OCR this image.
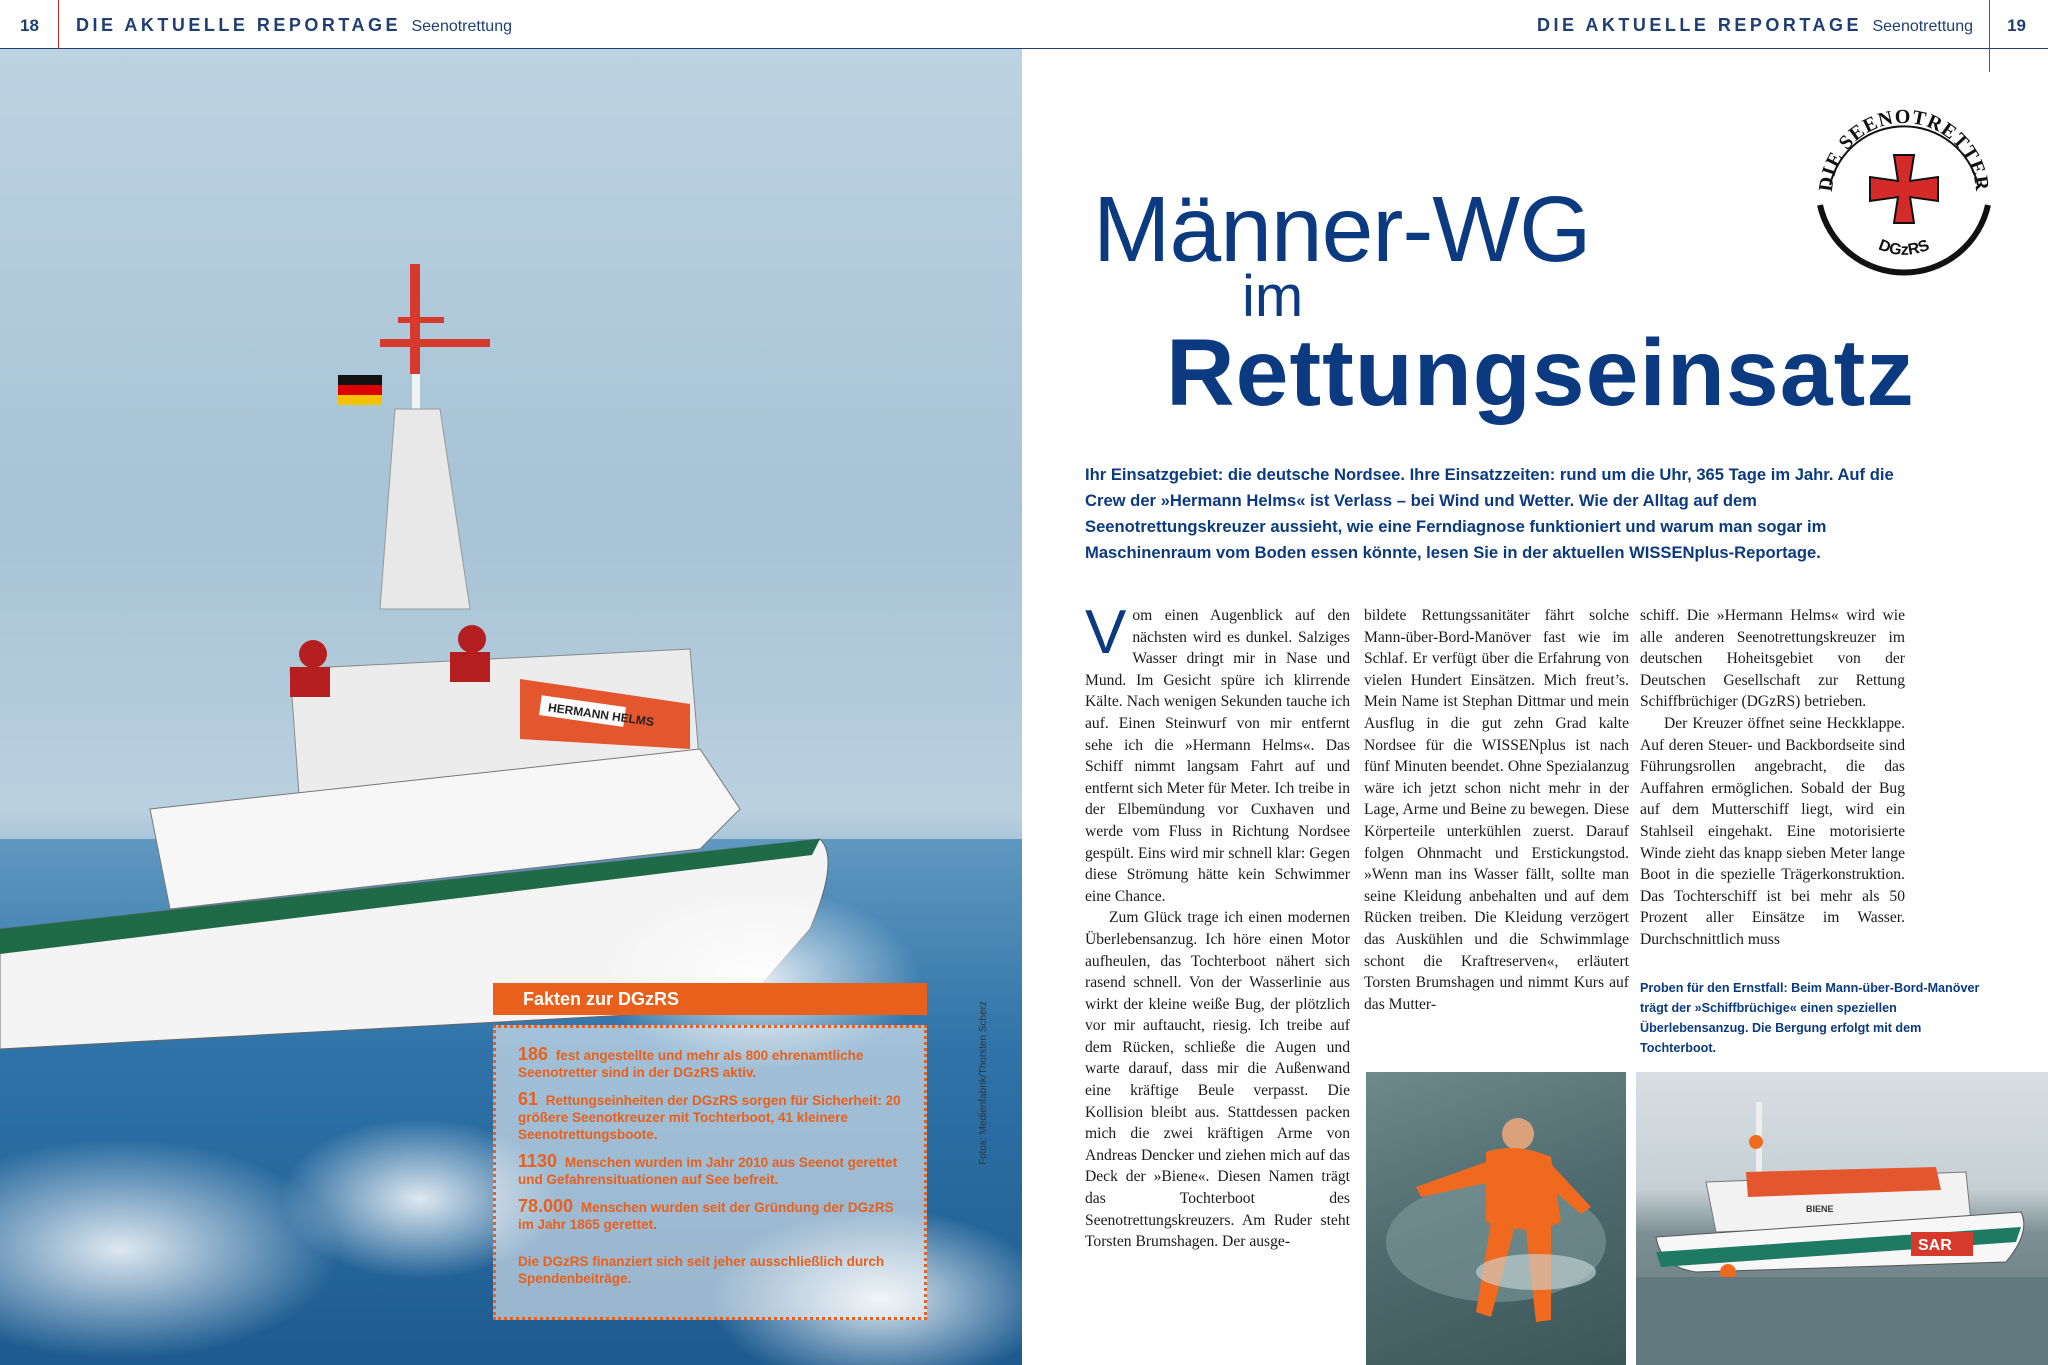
18 DIE AKTUELLE REPORTAGE Seenotrettung	DIE AKTUELLE REPORTAGE Seenotrettung 19
HERMANN HELMS
Fotos: Medienfabrik/Thorsten Scherz
Fakten zur DGzRS
186 fest angestellte und mehr als 800 ehrenamtliche Seenotretter sind in der DGzRS aktiv.
61 Rettungseinheiten der DGzRS sorgen für Sicherheit: 20 größere Seenotkreuzer mit Tochterboot, 41 kleinere Seenotrettungsboote.
1130 Menschen wurden im Jahr 2010 aus Seenot gerettet und Gefahrensituationen auf See befreit.
78.000 Menschen wurden seit der Gründung der DGzRS im Jahr 1865 gerettet.
Die DGzRS finanziert sich seit jeher ausschließlich durch Spendenbeiträge.
DIE SEENOTRETTER
DGzRS
Männer-WG
im
Rettungseinsatz
Ihr Einsatzgebiet: die deutsche Nordsee. Ihre Einsatzzeiten: rund um die Uhr, 365 Tage im Jahr. Auf die Crew der »Hermann Helms« ist Verlass – bei Wind und Wetter. Wie der Alltag auf dem Seenotrettungskreuzer aussieht, wie eine Ferndiagnose funktioniert und warum man sogar im Maschinenraum vom Boden essen könnte, lesen Sie in der aktuellen WISSENplus-Reportage.

Vom einen Augenblick auf den nächsten wird es dunkel. Salziges Wasser dringt mir in Nase und Mund. Im Gesicht spüre ich klirrende Kälte. Nach wenigen Sekunden tauche ich auf. Einen Steinwurf von mir entfernt sehe ich die »Hermann Helms«. Das Schiff nimmt langsam Fahrt auf und entfernt sich Meter für Meter. Ich treibe in der Elbemündung vor Cuxhaven und werde vom Fluss in Richtung Nordsee gespült. Eins wird mir schnell klar: Gegen diese Strömung hätte kein Schwimmer eine Chance.

Zum Glück trage ich einen modernen Überlebensanzug. Ich höre einen Motor aufheulen, das Tochterboot nähert sich rasend schnell. Von der Wasserlinie aus wirkt der kleine weiße Bug, der plötzlich vor mir auftaucht, riesig. Ich treibe auf dem Rücken, schließe die Augen und warte darauf, dass mir die Außenwand eine kräftige Beule verpasst. Die Kollision bleibt aus. Stattdessen packen mich die zwei kräftigen Arme von Andreas Dencker und ziehen mich auf das Deck der »Biene«. Diesen Namen trägt das Tochterboot des Seenotrettungskreuzers. Am Ruder steht Torsten Brumshagen. Der ausge-

bildete Rettungssanitäter fährt solche Mann-über-Bord-Manöver fast wie im Schlaf. Er verfügt über die Erfahrung von vielen Hundert Einsätzen. Mich freut’s. Mein Name ist Stephan Dittmar und mein Ausflug in die gut zehn Grad kalte Nordsee für die WISSENplus ist nach fünf Minuten beendet. Ohne Spezialanzug wäre ich jetzt schon nicht mehr in der Lage, Arme und Beine zu bewegen. Diese Körperteile unterkühlen zuerst. Darauf folgen Ohnmacht und Erstickungstod. »Wenn man ins Wasser fällt, sollte man seine Kleidung anbehalten und auf dem Rücken treiben. Die Kleidung verzögert das Auskühlen und die Schwimmlage schont die Kraftreserven«, erläutert Torsten Brumshagen und nimmt Kurs auf das Mutter-

schiff. Die »Hermann Helms« wird wie alle anderen Seenotrettungskreuzer im deutschen Hoheitsgebiet von der Deutschen Gesellschaft zur Rettung Schiffbrüchiger (DGzRS) betrieben.

Der Kreuzer öffnet seine Heckklappe. Auf deren Steuer- und Backbordseite sind Führungsrollen angebracht, die das Auffahren ermöglichen. Sobald der Bug auf dem Mutterschiff liegt, wird ein Stahlseil eingehakt. Eine motorisierte Winde zieht das knapp sieben Meter lange Boot in die spezielle Trägerkonstruktion. Das Tochterschiff ist bei mehr als 50 Prozent aller Einsätze im Wasser. Durchschnittlich muss

Proben für den Ernstfall: Beim Mann-über-Bord-Manöver trägt der »Schiffbrüchige« einen speziellen Überlebensanzug. Die Bergung erfolgt mit dem Tochterboot.
BIENE
SAR
